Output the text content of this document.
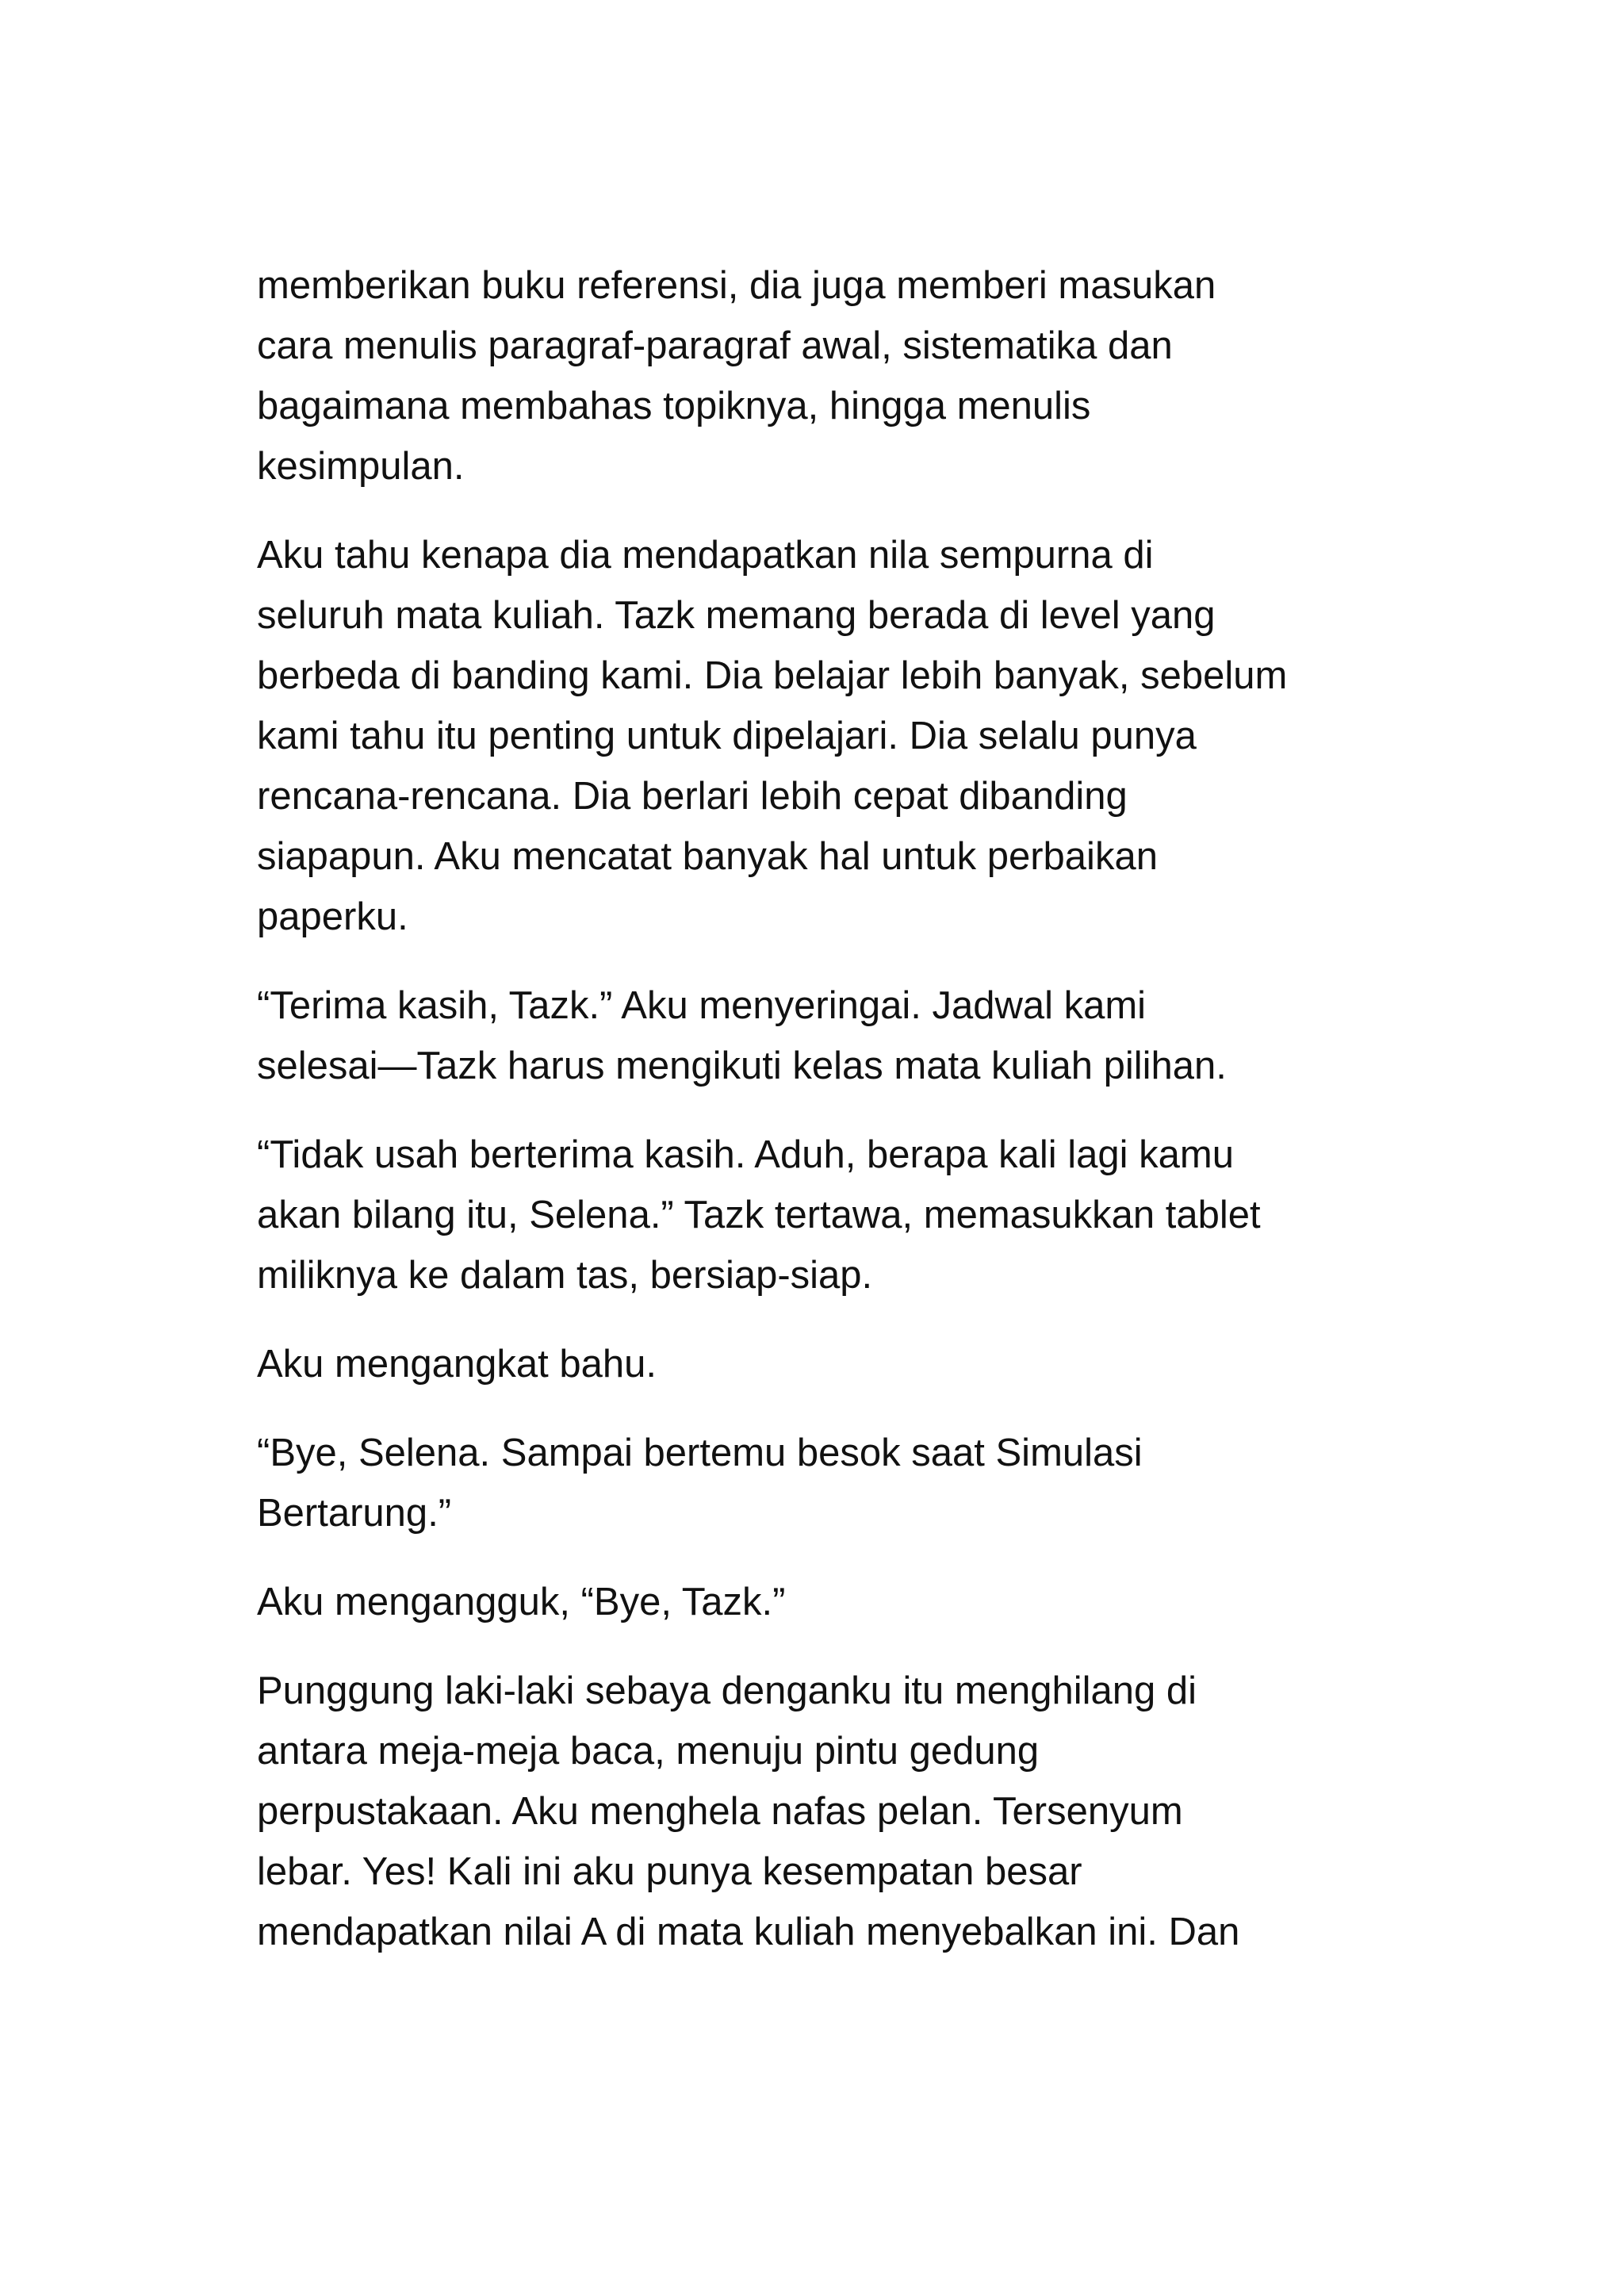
memberikan buku referensi, dia juga memberi masukan
cara menulis paragraf-paragraf awal, sistematika dan
bagaimana membahas topiknya, hingga menulis
kesimpulan.

Aku tahu kenapa dia mendapatkan nila sempurna di
seluruh mata kuliah. Tazk memang berada di level yang
berbeda di banding kami. Dia belajar lebih banyak, sebelum
kami tahu itu penting untuk dipelajari. Dia selalu punya
rencana-rencana. Dia berlari lebih cepat dibanding
siapapun. Aku mencatat banyak hal untuk perbaikan
paperku.

“Terima kasih, Tazk.” Aku menyeringai. Jadwal kami
selesai—Tazk harus mengikuti kelas mata kuliah pilihan.

“Tidak usah berterima kasih. Aduh, berapa kali lagi kamu
akan bilang itu, Selena.” Tazk tertawa, memasukkan tablet
miliknya ke dalam tas, bersiap-siap.

Aku mengangkat bahu.

“Bye, Selena. Sampai bertemu besok saat Simulasi
Bertarung.”

Aku mengangguk, “Bye, Tazk.”

Punggung laki-laki sebaya denganku itu menghilang di
antara meja-meja baca, menuju pintu gedung
perpustakaan. Aku menghela nafas pelan. Tersenyum
lebar. Yes! Kali ini aku punya kesempatan besar
mendapatkan nilai A di mata kuliah menyebalkan ini. Dan
